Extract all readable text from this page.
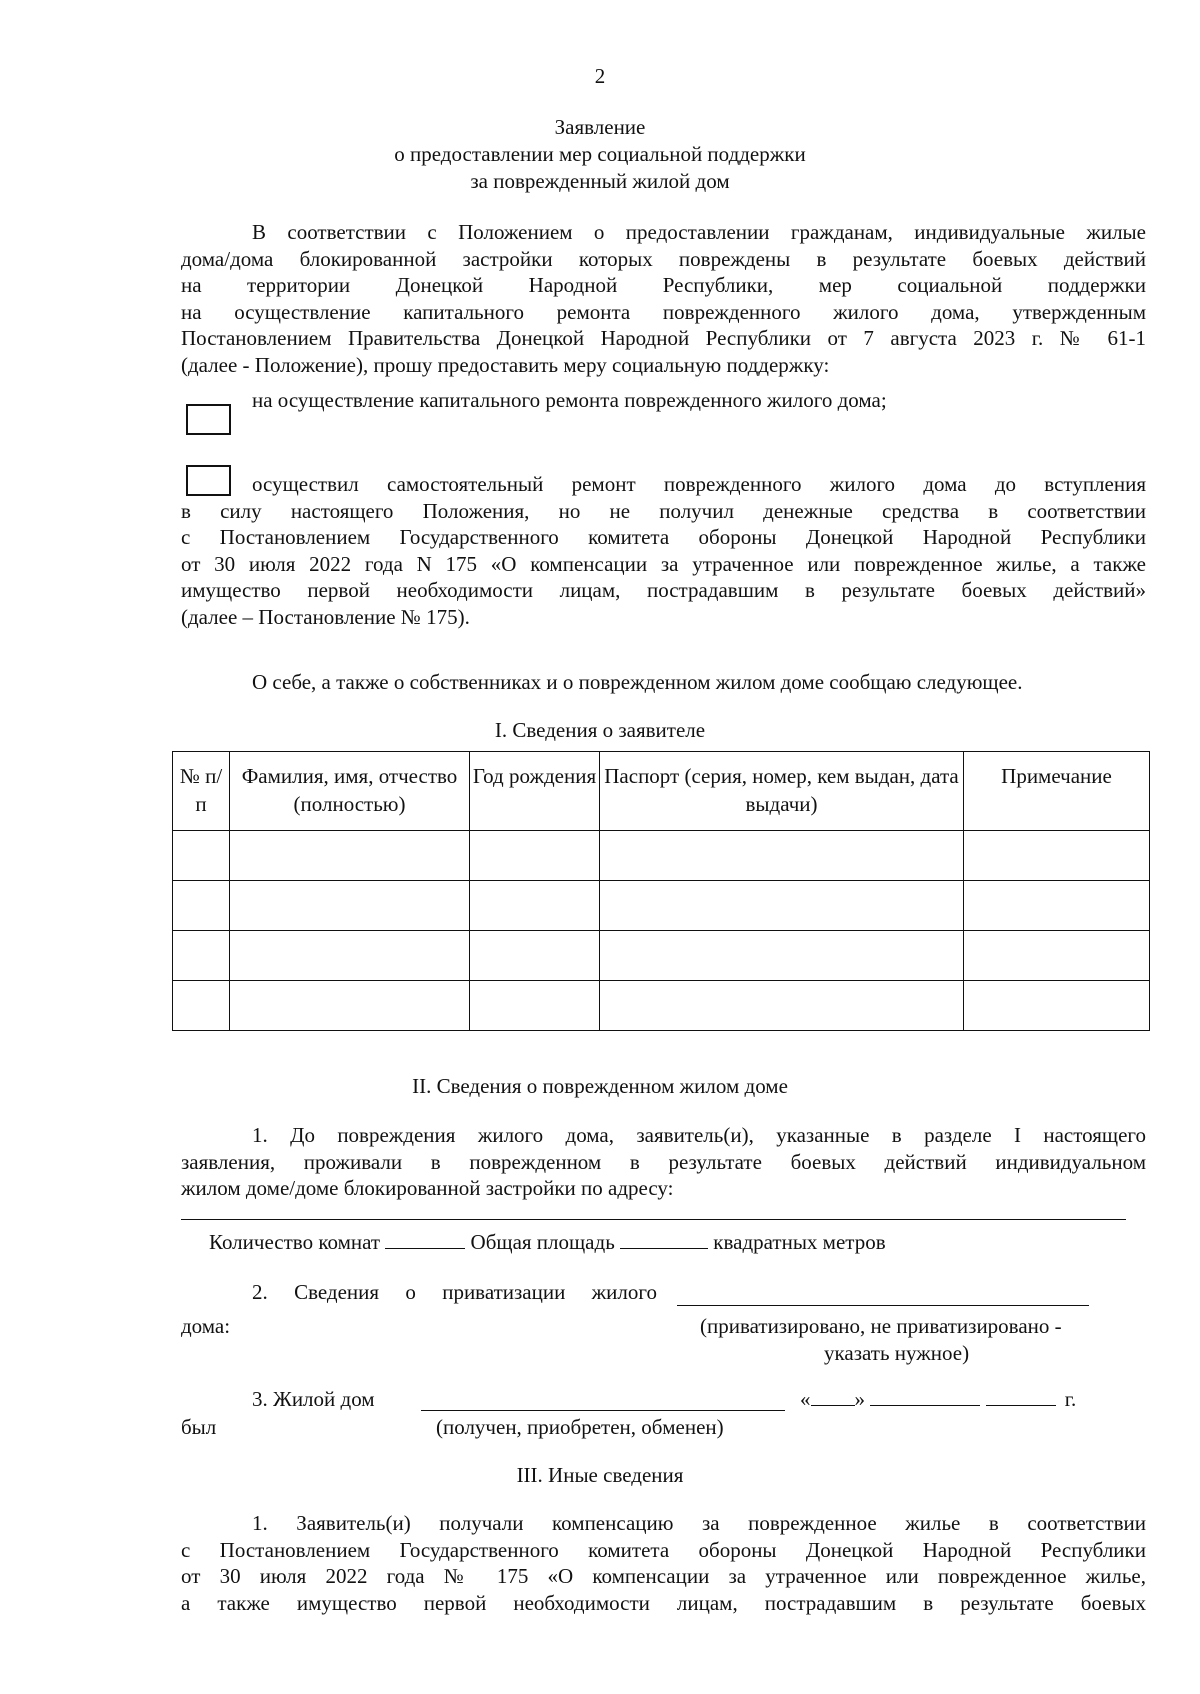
2
Заявление
о предоставлении мер социальной поддержки
за поврежденный жилой дом
В соответствии с Положением о предоставлении гражданам, индивидуальные жилые
дома/дома блокированной застройки которых повреждены в результате боевых действий
на территории Донецкой Народной Республики, мер социальной поддержки
на осуществление капитального ремонта поврежденного жилого дома, утвержденным
Постановлением Правительства Донецкой Народной Республики от 7 августа 2023 г. № 61-1
(далее - Положение), прошу предоставить меру социальную поддержку:
на осуществление капитального ремонта поврежденного жилого дома;
осуществил самостоятельный ремонт поврежденного жилого дома до вступления
в силу настоящего Положения, но не получил денежные средства в соответствии
с Постановлением Государственного комитета обороны Донецкой Народной Республики
от 30 июля 2022 года N 175 «О компенсации за утраченное или поврежденное жилье, а также
имущество первой необходимости лицам, пострадавшим в результате боевых действий»
(далее – Постановление № 175).
О себе, а также о собственниках и о поврежденном жилом доме сообщаю следующее.
I. Сведения о заявителе
№ п/п	Фамилия, имя, отчество (полностью)	Год рождения	Паспорт (серия, номер, кем выдан, дата выдачи)	Примечание

II. Сведения о поврежденном жилом доме
1. До повреждения жилого дома, заявитель(и), указанные в разделе I настоящего
заявления, проживали в поврежденном в результате боевых действий индивидуальном
жилом доме/доме блокированной застройки по адресу:
Количество комнат	Общая площадь	квадратных метров
2. Сведения о приватизации жилого
дома:	(приватизировано, не приватизировано -
указать нужное)
3. Жилой дом	« »	г.
был	(получен, приобретен, обменен)
III. Иные сведения
1. Заявитель(и) получали компенсацию за поврежденное жилье в соответствии
с Постановлением Государственного комитета обороны Донецкой Народной Республики
от 30 июля 2022 года № 175 «О компенсации за утраченное или поврежденное жилье,
а также имущество первой необходимости лицам, пострадавшим в результате боевых
